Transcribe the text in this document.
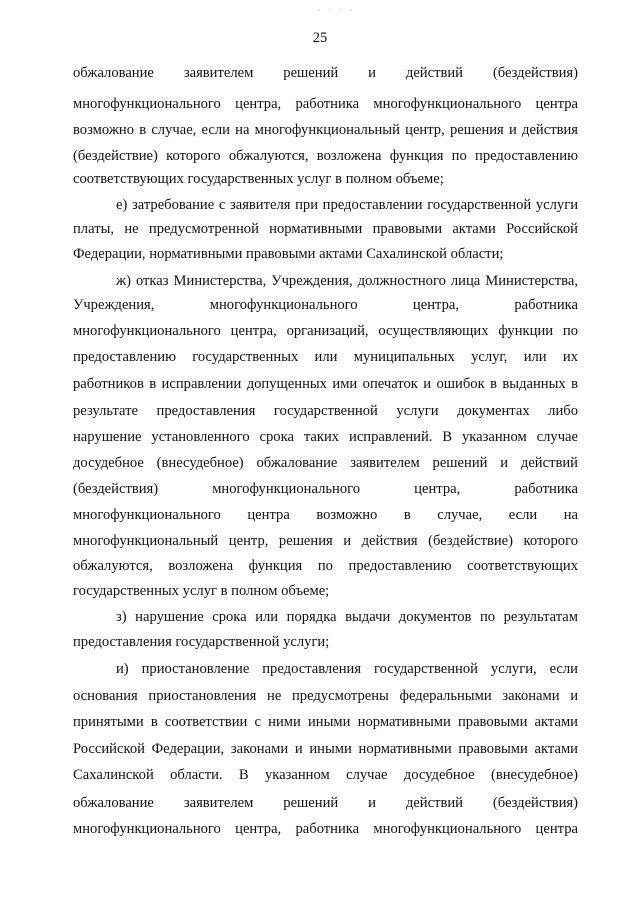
· · · ·
25
обжалование заявителем решений и действий (бездействия)
многофункционального центра, работника многофункционального центра
возможно в случае, если на многофункциональный центр, решения и действия
(бездействие) которого обжалуются, возложена функция по предоставлению
соответствующих государственных услуг в полном объеме;
е) затребование с заявителя при предоставлении государственной услуги
платы, не предусмотренной нормативными правовыми актами Российской
Федерации, нормативными правовыми актами Сахалинской области;
ж) отказ Министерства, Учреждения, должностного лица Министерства,
Учреждения, многофункционального центра, работника
многофункционального центра, организаций, осуществляющих функции по
предоставлению государственных или муниципальных услуг, или их
работников в исправлении допущенных ими опечаток и ошибок в выданных в
результате предоставления государственной услуги документах либо
нарушение установленного срока таких исправлений. В указанном случае
досудебное (внесудебное) обжалование заявителем решений и действий
(бездействия) многофункционального центра, работника
многофункционального центра возможно в случае, если на
многофункциональный центр, решения и действия (бездействие) которого
обжалуются, возложена функция по предоставлению соответствующих
государственных услуг в полном объеме;
з) нарушение срока или порядка выдачи документов по результатам
предоставления государственной услуги;
и) приостановление предоставления государственной услуги, если
основания приостановления не предусмотрены федеральными законами и
принятыми в соответствии с ними иными нормативными правовыми актами
Российской Федерации, законами и иными нормативными правовыми актами
Сахалинской области. В указанном случае досудебное (внесудебное)
обжалование заявителем решений и действий (бездействия)
многофункционального центра, работника многофункционального центра
